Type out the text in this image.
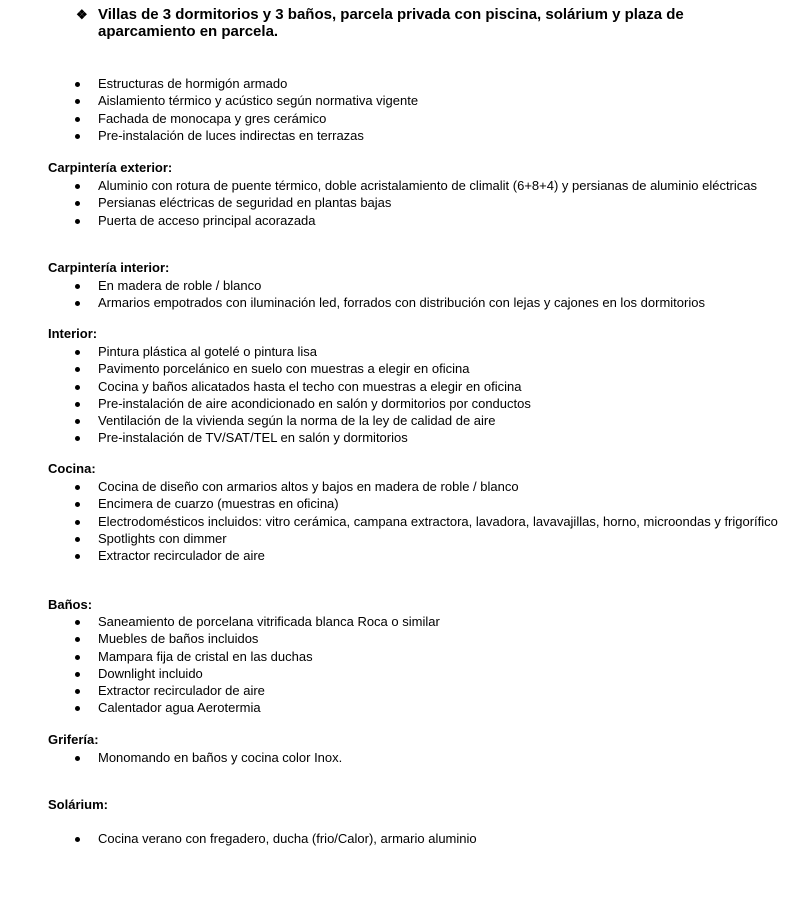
❖ Villas de 3 dormitorios y 3 baños, parcela privada con piscina, solárium y plaza de aparcamiento en parcela.
Estructuras de hormigón armado
Aislamiento térmico y acústico según normativa vigente
Fachada de monocapa y gres cerámico
Pre-instalación de luces indirectas en terrazas
Carpintería exterior:
Aluminio con rotura de puente térmico, doble acristalamiento de climalit (6+8+4) y persianas de aluminio eléctricas
Persianas eléctricas de seguridad en plantas bajas
Puerta de acceso principal acorazada
Carpintería interior:
En madera de roble / blanco
Armarios empotrados con iluminación led, forrados con distribución con lejas y cajones en los dormitorios
Interior:
Pintura plástica al gotelé o pintura lisa
Pavimento porcelánico en suelo con muestras a elegir en oficina
Cocina y baños alicatados hasta el techo con muestras a elegir en oficina
Pre-instalación de aire acondicionado en salón y dormitorios por conductos
Ventilación de la vivienda según la norma de la ley de calidad de aire
Pre-instalación de TV/SAT/TEL en salón y dormitorios
Cocina:
Cocina de diseño con armarios altos y bajos en madera de roble / blanco
Encimera de cuarzo (muestras en oficina)
Electrodomésticos incluidos: vitro cerámica, campana extractora, lavadora, lavavajillas, horno, microondas y frigorífico
Spotlights con dimmer
Extractor recirculador de aire
Baños:
Saneamiento de porcelana vitrificada blanca Roca o similar
Muebles de baños incluidos
Mampara fija de cristal en las duchas
Downlight incluido
Extractor recirculador de aire
Calentador agua Aerotermia
Grifería:
Monomando en baños y cocina color Inox.
Solárium:
Cocina verano con fregadero, ducha (frio/Calor), armario aluminio
